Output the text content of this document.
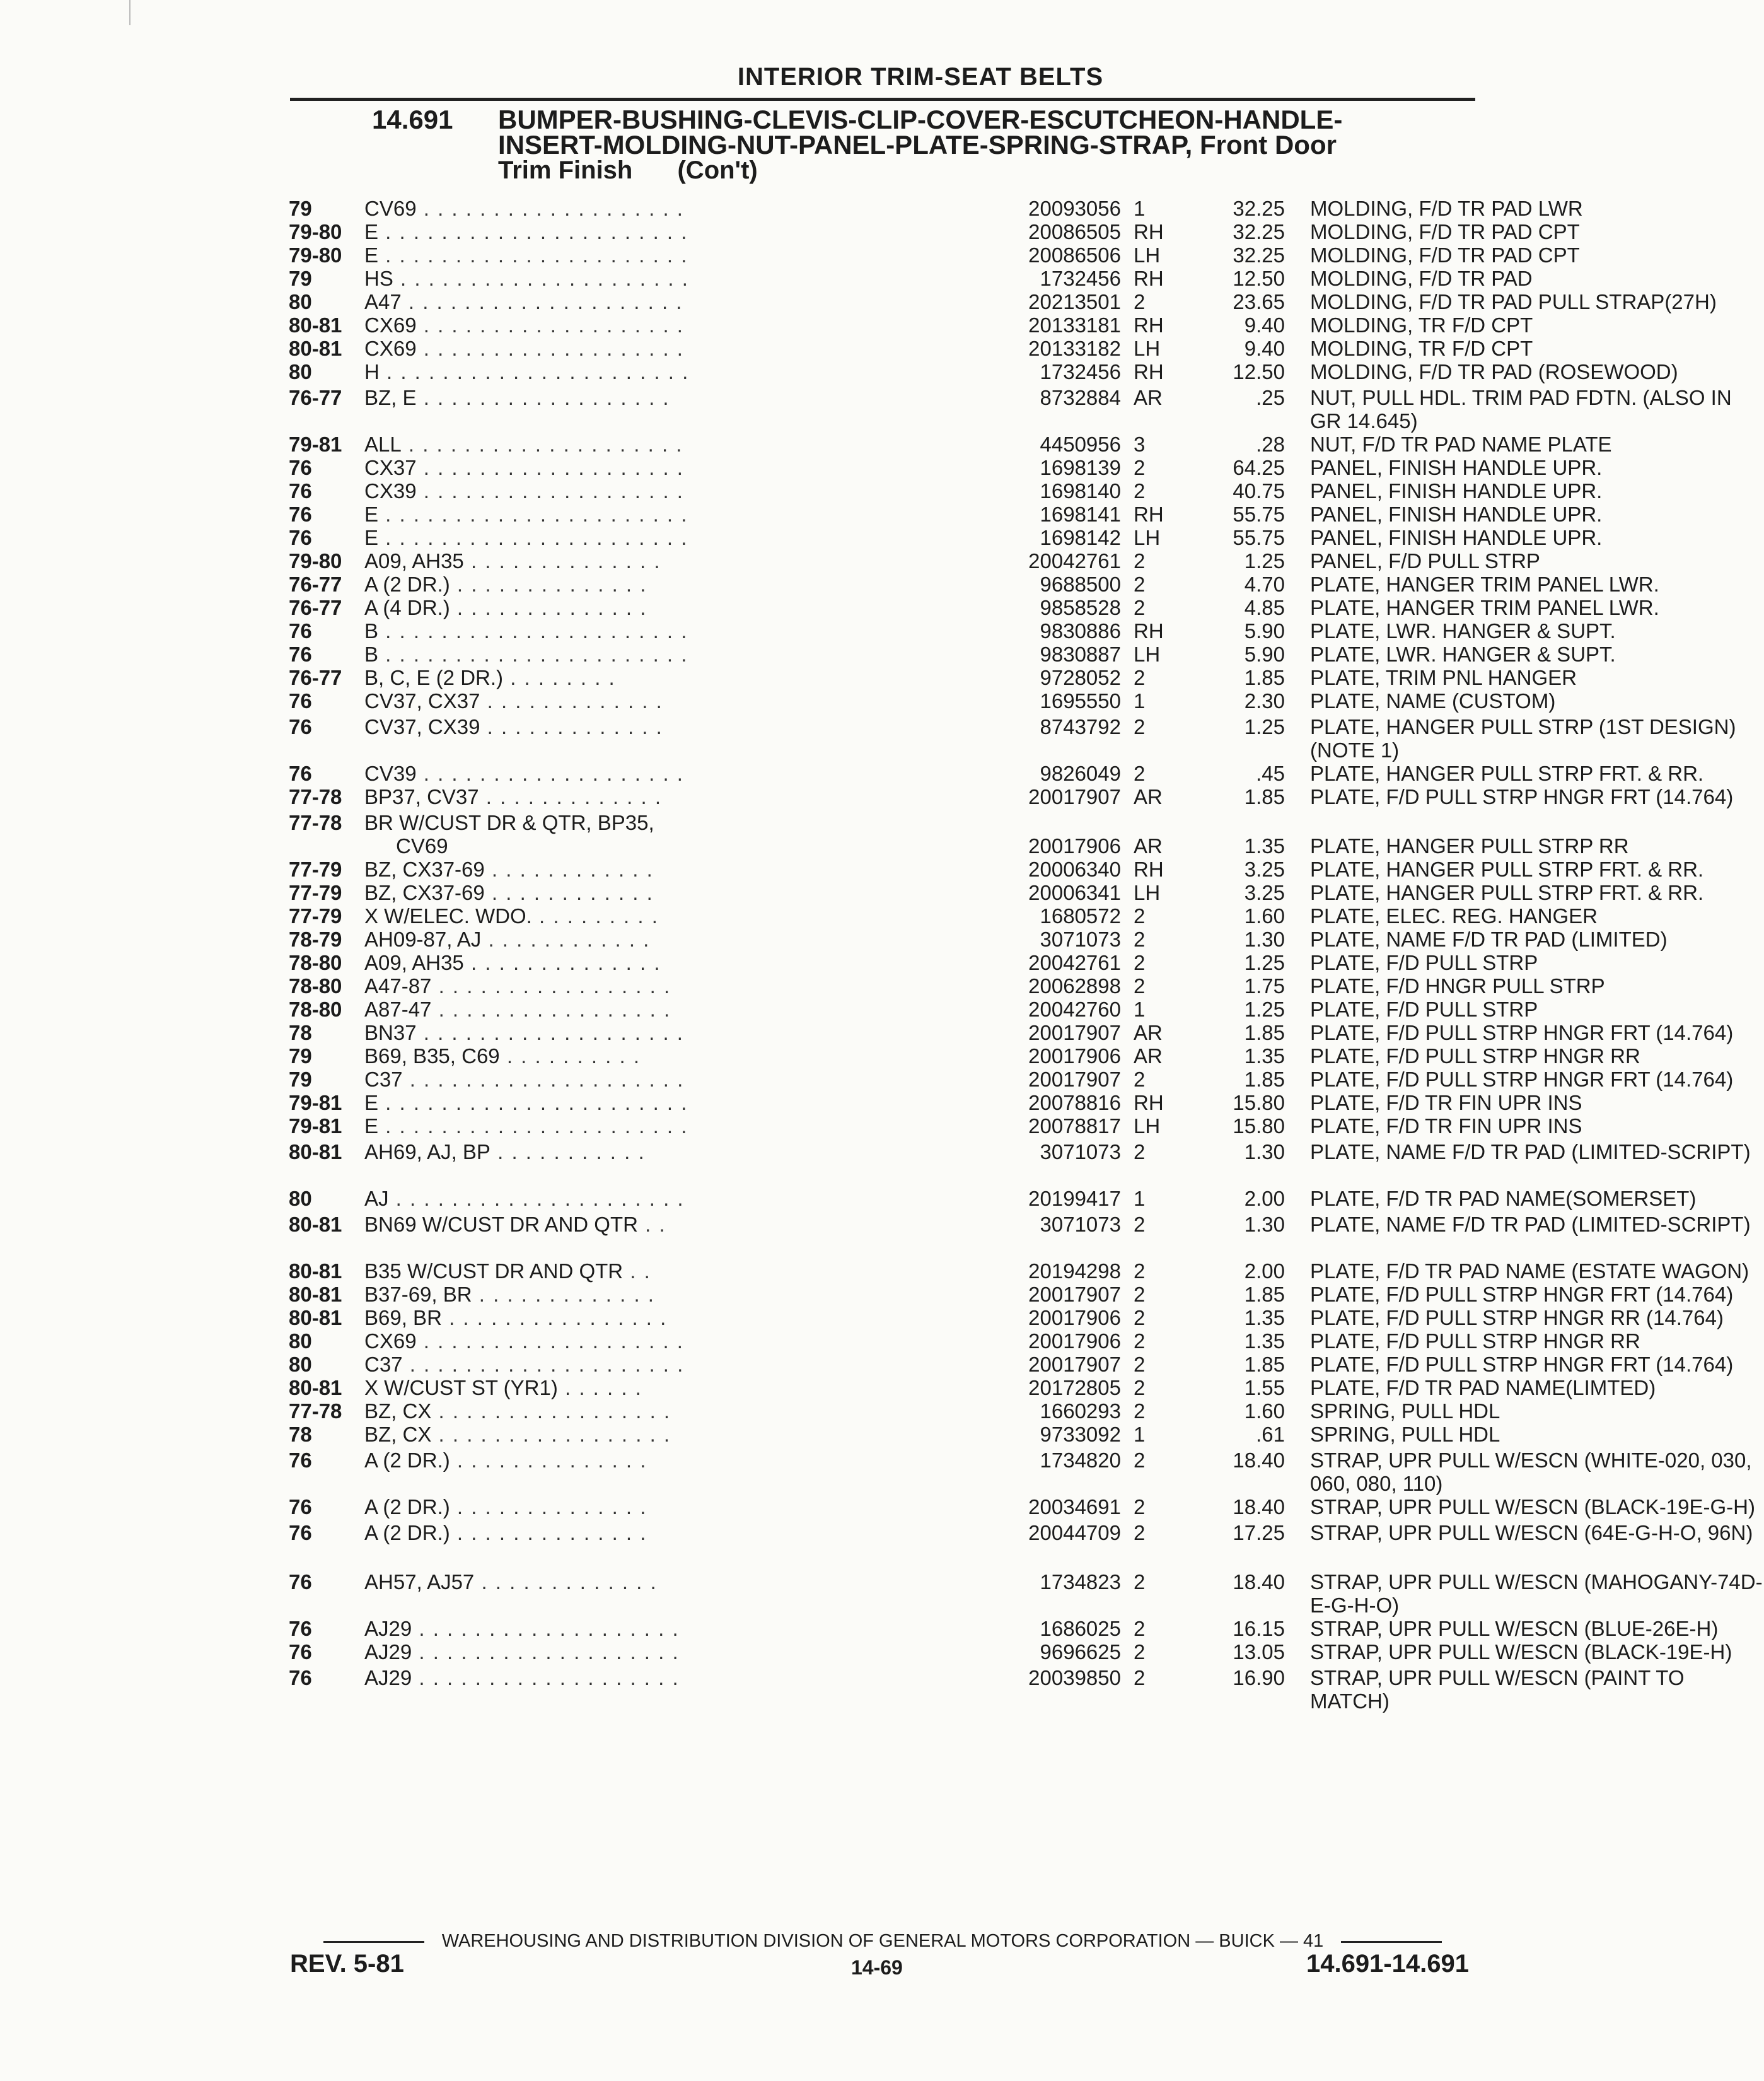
INTERIOR TRIM-SEAT BELTS
14.691	BUMPER-BUSHING-CLEVIS-CLIP-COVER-ESCUTCHEON-HANDLE-INSERT-MOLDING-NUT-PANEL-PLATE-SPRING-STRAP, Front Door
Trim Finish (Con't)
79	CV69 . . . . . . . . . . . . . . . . . . .	20093056 1	32.25 MOLDING, F/D TR PAD LWR
79-80	E . . . . . . . . . . . . . . . . . . . . . .	20086505 RH	32.25 MOLDING, F/D TR PAD CPT
79-80	E . . . . . . . . . . . . . . . . . . . . . .	20086506 LH	32.25 MOLDING, F/D TR PAD CPT
79	HS . . . . . . . . . . . . . . . . . . . . .	1732456 RH	12.50 MOLDING, F/D TR PAD
80	A47 . . . . . . . . . . . . . . . . . . . .	20213501 2	23.65 MOLDING, F/D TR PAD PULL STRAP(27H)
80-81	CX69 . . . . . . . . . . . . . . . . . . .	20133181 RH	9.40 MOLDING, TR F/D CPT
80-81	CX69 . . . . . . . . . . . . . . . . . . .	20133182 LH	9.40 MOLDING, TR F/D CPT
80	H . . . . . . . . . . . . . . . . . . . . . .	1732456 RH	12.50 MOLDING, F/D TR PAD (ROSEWOOD)
76-77	BZ, E . . . . . . . . . . . . . . . . . .	8732884 AR	.25 NUT, PULL HDL. TRIM PAD FDTN. (ALSO IN GR 14.645)
79-81	ALL . . . . . . . . . . . . . . . . . . . .	4450956 3	.28 NUT, F/D TR PAD NAME PLATE
76	CX37 . . . . . . . . . . . . . . . . . . .	1698139 2	64.25 PANEL, FINISH HANDLE UPR.
76	CX39 . . . . . . . . . . . . . . . . . . .	1698140 2	40.75 PANEL, FINISH HANDLE UPR.
76	E . . . . . . . . . . . . . . . . . . . . . .	1698141 RH	55.75 PANEL, FINISH HANDLE UPR.
76	E . . . . . . . . . . . . . . . . . . . . . .	1698142 LH	55.75 PANEL, FINISH HANDLE UPR.
79-80	A09, AH35 . . . . . . . . . . . . . .	20042761 2	1.25 PANEL, F/D PULL STRP
76-77	A (2 DR.) . . . . . . . . . . . . . .	9688500 2	4.70 PLATE, HANGER TRIM PANEL LWR.
76-77	A (4 DR.) . . . . . . . . . . . . . .	9858528 2	4.85 PLATE, HANGER TRIM PANEL LWR.
76	B . . . . . . . . . . . . . . . . . . . . . .	9830886 RH	5.90 PLATE, LWR. HANGER & SUPT.
76	B . . . . . . . . . . . . . . . . . . . . . .	9830887 LH	5.90 PLATE, LWR. HANGER & SUPT.
76-77	B, C, E (2 DR.) . . . . . . . .	9728052 2	1.85 PLATE, TRIM PNL HANGER
76	CV37, CX37 . . . . . . . . . . . . .	1695550 1	2.30 PLATE, NAME (CUSTOM)
76	CV37, CX39 . . . . . . . . . . . . .	8743792 2	1.25 PLATE, HANGER PULL STRP (1ST DESIGN) (NOTE 1)
76	CV39 . . . . . . . . . . . . . . . . . . .	9826049 2	.45 PLATE, HANGER PULL STRP FRT. & RR.
77-78	BP37, CV37 . . . . . . . . . . . . .	20017907 AR	1.85 PLATE, F/D PULL STRP HNGR FRT (14.764)
77-78	BR W/CUST DR & QTR, BP35,
CV69	20017906 AR	1.35 PLATE, HANGER PULL STRP RR
77-79	BZ, CX37-69 . . . . . . . . . . . .	20006340 RH	3.25 PLATE, HANGER PULL STRP FRT. & RR.
77-79	BZ, CX37-69 . . . . . . . . . . . .	20006341 LH	3.25 PLATE, HANGER PULL STRP FRT. & RR.
77-79	X W/ELEC. WDO. . . . . . . . . .	1680572 2	1.60 PLATE, ELEC. REG. HANGER
78-79	AH09-87, AJ . . . . . . . . . . . .	3071073 2	1.30 PLATE, NAME F/D TR PAD (LIMITED)
78-80	A09, AH35 . . . . . . . . . . . . . .	20042761 2	1.25 PLATE, F/D PULL STRP
78-80	A47-87 . . . . . . . . . . . . . . . . .	20062898 2	1.75 PLATE, F/D HNGR PULL STRP
78-80	A87-47 . . . . . . . . . . . . . . . . .	20042760 1	1.25 PLATE, F/D PULL STRP
78	BN37 . . . . . . . . . . . . . . . . . . .	20017907 AR	1.85 PLATE, F/D PULL STRP HNGR FRT (14.764)
79	B69, B35, C69 . . . . . . . . . .	20017906 AR	1.35 PLATE, F/D PULL STRP HNGR RR
79	C37 . . . . . . . . . . . . . . . . . . . .	20017907 2	1.85 PLATE, F/D PULL STRP HNGR FRT (14.764)
79-81	E . . . . . . . . . . . . . . . . . . . . . .	20078816 RH	15.80 PLATE, F/D TR FIN UPR INS
79-81	E . . . . . . . . . . . . . . . . . . . . . .	20078817 LH	15.80 PLATE, F/D TR FIN UPR INS
80-81	AH69, AJ, BP . . . . . . . . . . .	3071073 2	1.30 PLATE, NAME F/D TR PAD (LIMITED-SCRIPT)
80	AJ . . . . . . . . . . . . . . . . . . . . .	20199417 1	2.00 PLATE, F/D TR PAD NAME(SOMERSET)
80-81	BN69 W/CUST DR AND QTR . .	3071073 2	1.30 PLATE, NAME F/D TR PAD (LIMITED-SCRIPT)
80-81	B35 W/CUST DR AND QTR . .	20194298 2	2.00 PLATE, F/D TR PAD NAME (ESTATE WAGON)
80-81	B37-69, BR . . . . . . . . . . . . .	20017907 2	1.85 PLATE, F/D PULL STRP HNGR FRT (14.764)
80-81	B69, BR . . . . . . . . . . . . . . . .	20017906 2	1.35 PLATE, F/D PULL STRP HNGR RR (14.764)
80	CX69 . . . . . . . . . . . . . . . . . . .	20017906 2	1.35 PLATE, F/D PULL STRP HNGR RR
80	C37 . . . . . . . . . . . . . . . . . . . .	20017907 2	1.85 PLATE, F/D PULL STRP HNGR FRT (14.764)
80-81	X W/CUST ST (YR1) . . . . . .	20172805 2	1.55 PLATE, F/D TR PAD NAME(LIMTED)
77-78	BZ, CX . . . . . . . . . . . . . . . . .	1660293 2	1.60 SPRING, PULL HDL
78	BZ, CX . . . . . . . . . . . . . . . . .	9733092 1	.61 SPRING, PULL HDL
76	A (2 DR.) . . . . . . . . . . . . . .	1734820 2	18.40 STRAP, UPR PULL W/ESCN (WHITE-020, 030, 060, 080, 110)
76	A (2 DR.) . . . . . . . . . . . . . .	20034691 2	18.40 STRAP, UPR PULL W/ESCN (BLACK-19E-G-H)
76	A (2 DR.) . . . . . . . . . . . . . .	20044709 2	17.25 STRAP, UPR PULL W/ESCN (64E-G-H-O, 96N)
76	AH57, AJ57 . . . . . . . . . . . . .	1734823 2	18.40 STRAP, UPR PULL W/ESCN (MAHOGANY-74D-E-G-H-O)
76	AJ29 . . . . . . . . . . . . . . . . . . .	1686025 2	16.15 STRAP, UPR PULL W/ESCN (BLUE-26E-H)
76	AJ29 . . . . . . . . . . . . . . . . . . .	9696625 2	13.05 STRAP, UPR PULL W/ESCN (BLACK-19E-H)
76	AJ29 . . . . . . . . . . . . . . . . . . .	20039850 2	16.90 STRAP, UPR PULL W/ESCN (PAINT TO MATCH)
WAREHOUSING AND DISTRIBUTION DIVISION OF GENERAL MOTORS CORPORATION — BUICK — 41
REV. 5-81	14-69	14.691-14.691
